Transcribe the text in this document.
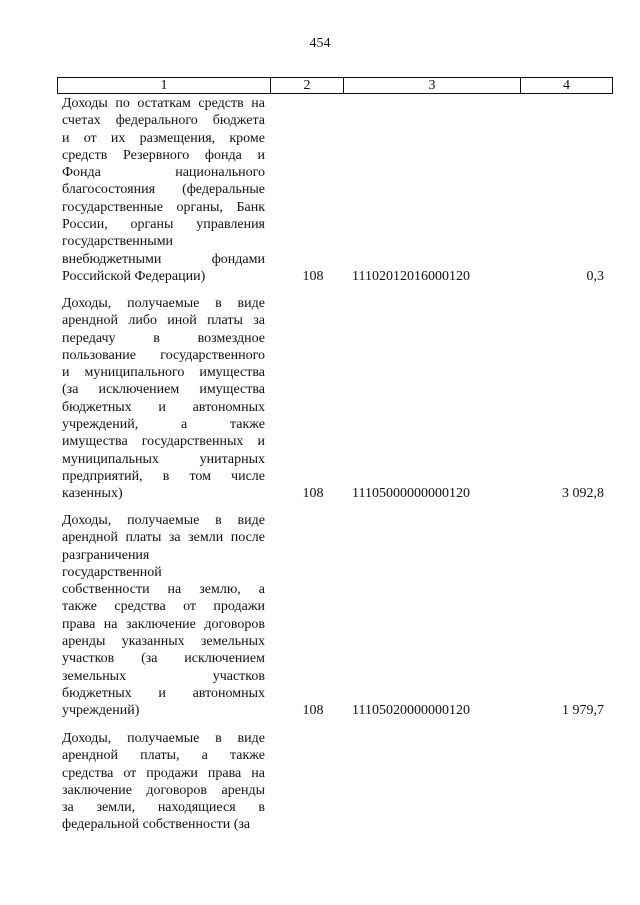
454
1	2	3	4
Доходы по остаткам средств на
счетах федерального бюджета
и от их размещения, кроме
средств Резервного фонда и
Фонда национального
благосостояния (федеральные
государственные органы, Банк
России, органы управления
государственными
внебюджетными фондами
Российской Федерации)	108	11102012016000120	0,3
Доходы, получаемые в виде
арендной либо иной платы за
передачу в возмездное
пользование государственного
и муниципального имущества
(за исключением имущества
бюджетных и автономных
учреждений, а также
имущества государственных и
муниципальных унитарных
предприятий, в том числе
казенных)	108	11105000000000120	3 092,8
Доходы, получаемые в виде
арендной платы за земли после
разграничения
государственной
собственности на землю, а
также средства от продажи
права на заключение договоров
аренды указанных земельных
участков (за исключением
земельных участков
бюджетных и автономных
учреждений)	108	11105020000000120	1 979,7
Доходы, получаемые в виде
арендной платы, а также
средства от продажи права на
заключение договоров аренды
за земли, находящиеся в
федеральной собственности (за
